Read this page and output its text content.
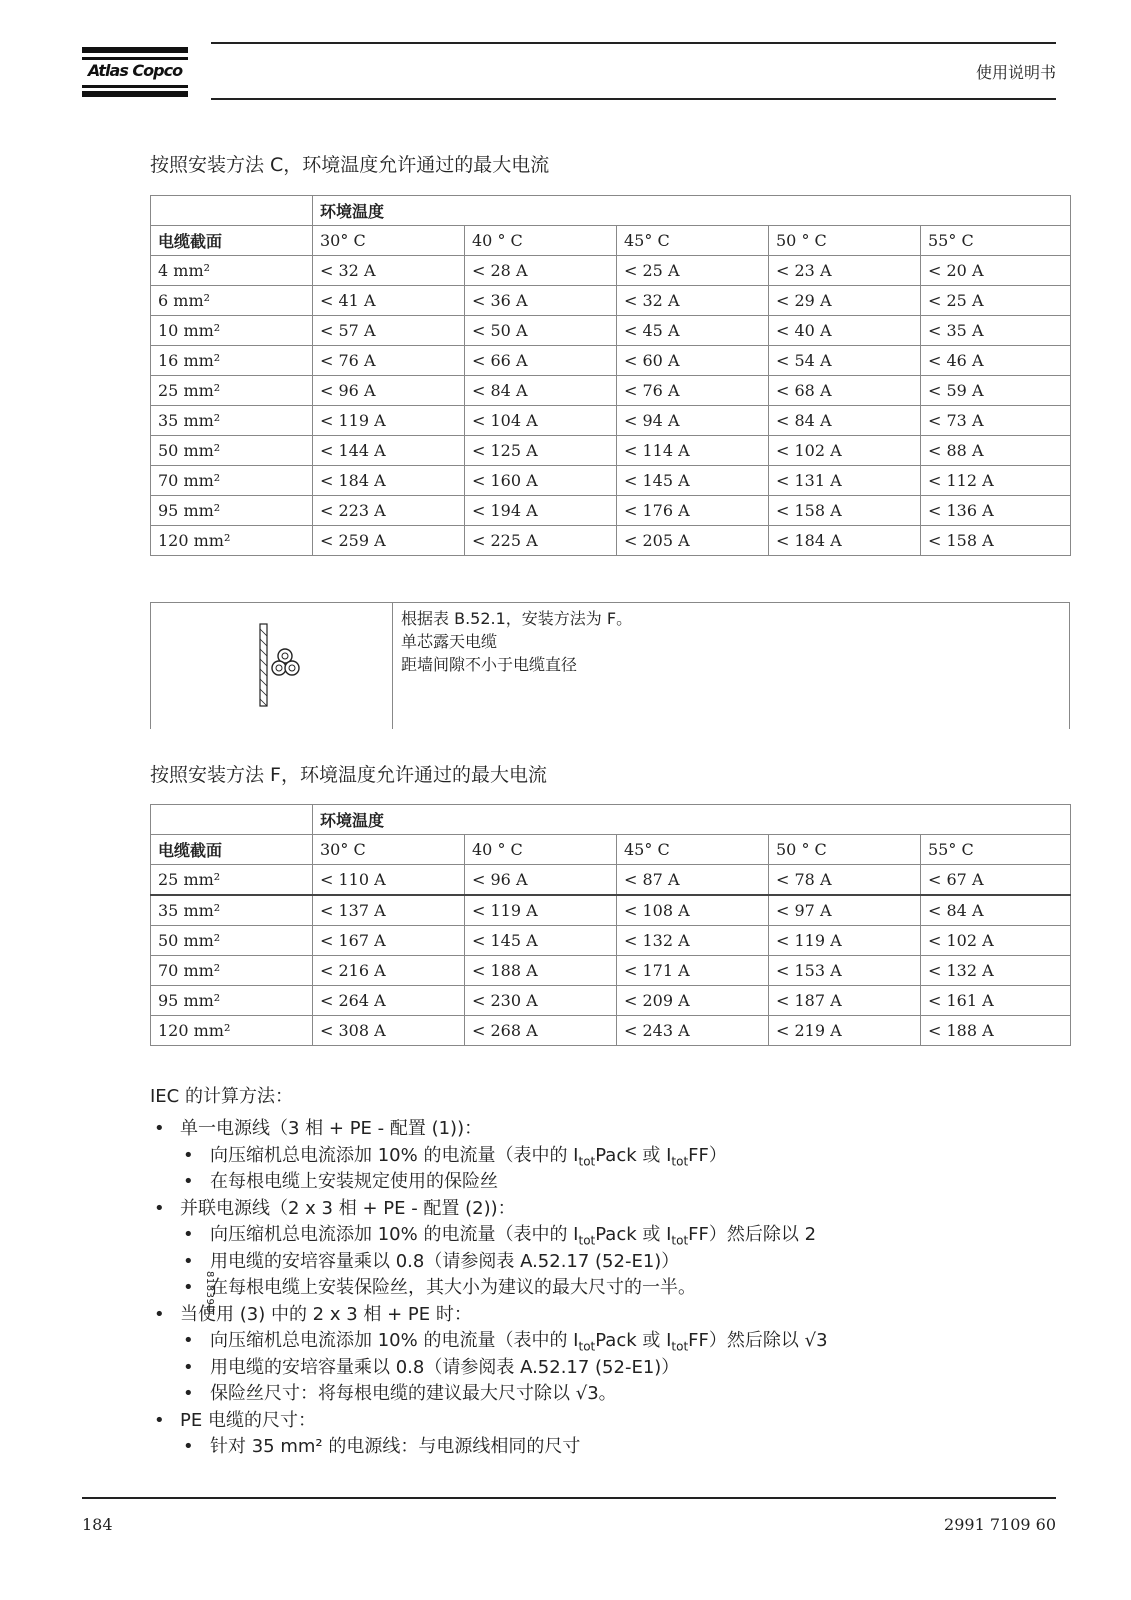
Atlas Copco	使用说明书
按照安装方法 C，环境温度允许通过的最大电流
	环境温度				
电缆截面	30° C	40 ° C	45° C	50 ° C	55° C
4 mm²	< 32 A	< 28 A	< 25 A	< 23 A	< 20 A
6 mm²	< 41 A	< 36 A	< 32 A	< 29 A	< 25 A
10 mm²	< 57 A	< 50 A	< 45 A	< 40 A	< 35 A
16 mm²	< 76 A	< 66 A	< 60 A	< 54 A	< 46 A
25 mm²	< 96 A	< 84 A	< 76 A	< 68 A	< 59 A
35 mm²	< 119 A	< 104 A	< 94 A	< 84 A	< 73 A
50 mm²	< 144 A	< 125 A	< 114 A	< 102 A	< 88 A
70 mm²	< 184 A	< 160 A	< 145 A	< 131 A	< 112 A
95 mm²	< 223 A	< 194 A	< 176 A	< 158 A	< 136 A
120 mm²	< 259 A	< 225 A	< 205 A	< 184 A	< 158 A
81839D
根据表 B.52.1，安装方法为 F。
单芯露天电缆
距墙间隙不小于电缆直径
按照安装方法 F，环境温度允许通过的最大电流
	环境温度				
电缆截面	30° C	40 ° C	45° C	50 ° C	55° C
25 mm²	< 110 A	< 96 A	< 87 A	< 78 A	< 67 A
35 mm²	< 137 A	< 119 A	< 108 A	< 97 A	< 84 A
50 mm²	< 167 A	< 145 A	< 132 A	< 119 A	< 102 A
70 mm²	< 216 A	< 188 A	< 171 A	< 153 A	< 132 A
95 mm²	< 264 A	< 230 A	< 209 A	< 187 A	< 161 A
120 mm²	< 308 A	< 268 A	< 243 A	< 219 A	< 188 A
IEC 的计算方法：
• 单一电源线（3 相 + PE - 配置 (1))：
• 向压缩机总电流添加 10% 的电流量（表中的 $I_{tot}Pack$ 或 $I_{tot}FF$）
• 在每根电缆上安装规定使用的保险丝
• 并联电源线（2 x 3 相 + PE - 配置 (2))：
• 向压缩机总电流添加 10% 的电流量（表中的 $I_{tot}Pack$ 或 $I_{tot}FF$）然后除以 2
• 用电缆的安培容量乘以 0.8（请参阅表 A.52.17 (52-E1)）
• 在每根电缆上安装保险丝，其大小为建议的最大尺寸的一半。
• 当使用 (3) 中的 2 x 3 相 + PE 时：
• 向压缩机总电流添加 10% 的电流量（表中的 $I_{tot}Pack$ 或 $I_{tot}FF$）然后除以 √3
• 用电缆的安培容量乘以 0.8（请参阅表 A.52.17 (52-E1)）
• 保险丝尺寸：将每根电缆的建议最大尺寸除以 √3。
• PE 电缆的尺寸：
• 针对 35 mm² 的电源线：与电源线相同的尺寸
184	2991 7109 60
